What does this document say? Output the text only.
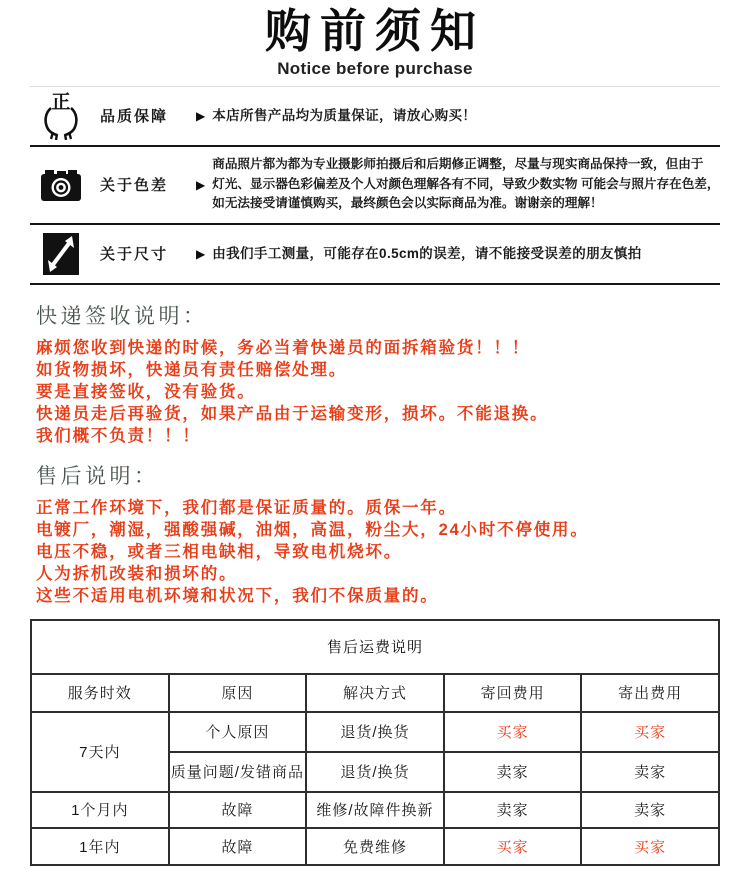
购前须知
Notice before purchase
正
品质保障	▶ 本店所售产品均为质量保证，请放心购买！
关于色差	▶
商品照片都为都为专业摄影师拍摄后和后期修正调整，尽量与现实商品保持一致，但由于
灯光、显示器色彩偏差及个人对颜色理解各有不同，导致少数实物 可能会与照片存在色差，
如无法接受请谨慎购买，最终颜色会以实际商品为准。谢谢亲的理解！
关于尺寸	▶ 由我们手工测量，可能存在0.5cm的误差，请不能接受误差的朋友慎拍
快递签收说明：
麻烦您收到快递的时候，务必当着快递员的面拆箱验货！！！
如货物损坏，快递员有责任赔偿处理。
要是直接签收，没有验货。
快递员走后再验货，如果产品由于运输变形，损坏。不能退换。
我们概不负责！！！
售后说明：
正常工作环境下，我们都是保证质量的。质保一年。
电镀厂，潮湿，强酸强碱，油烟，高温，粉尘大，24小时不停使用。
电压不稳，或者三相电缺相，导致电机烧坏。
人为拆机改装和损坏的。
这些不适用电机环境和状况下，我们不保质量的。
售后运费说明				
服务时效	原因	解决方式	寄回费用	寄出费用
7天内	个人原因	退货/换货	买家	买家
	质量问题/发错商品	退货/换货	卖家	卖家
1个月内	故障	维修/故障件换新	卖家	卖家
1年内	故障	免费维修	买家	买家
